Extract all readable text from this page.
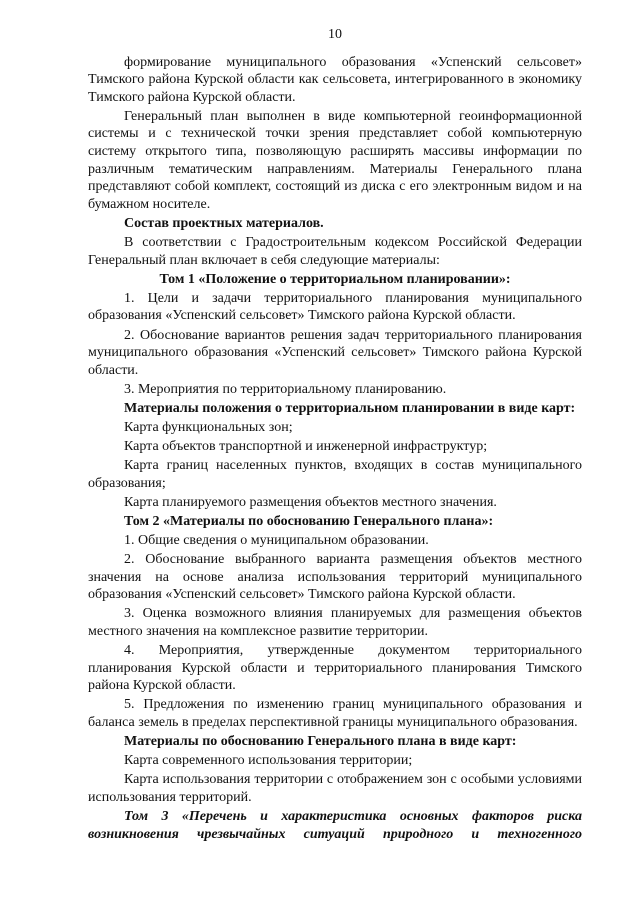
10

формирование муниципального образования «Успенский сельсовет» Тимского района Курской области как сельсовета, интегрированного в экономику Тимского района Курской области.

Генеральный план выполнен в виде компьютерной геоинформационной системы и с технической точки зрения представляет собой компьютерную систему открытого типа, позволяющую расширять массивы информации по различным тематическим направлениям. Материалы Генерального плана представляют собой комплект, состоящий из диска с его электронным видом и на бумажном носителе.

Состав проектных материалов.

В соответствии с Градостроительным кодексом Российской Федерации Генеральный план включает в себя следующие материалы:

Том 1 «Положение о территориальном планировании»:

1. Цели и задачи территориального планирования муниципального образования «Успенский сельсовет» Тимского района Курской области.

2. Обоснование вариантов решения задач территориального планирования муниципального образования «Успенский сельсовет» Тимского района Курской области.

3. Мероприятия по территориальному планированию.

Материалы положения о территориальном планировании в виде карт:

Карта функциональных зон;

Карта объектов транспортной и инженерной инфраструктур;

Карта границ населенных пунктов, входящих в состав муниципального образования;

Карта планируемого размещения объектов местного значения.

Том 2 «Материалы по обоснованию Генерального плана»:

1. Общие сведения о муниципальном образовании.

2. Обоснование выбранного варианта размещения объектов местного значения на основе анализа использования территорий муниципального образования «Успенский сельсовет» Тимского района Курской области.

3. Оценка возможного влияния планируемых для размещения объектов местного значения на комплексное развитие территории.

4. Мероприятия, утвержденные документом территориального планирования Курской области и территориального планирования Тимского района Курской области.

5. Предложения по изменению границ муниципального образования и баланса земель в пределах перспективной границы муниципального образования.

Материалы по обоснованию Генерального плана в виде карт:

Карта современного использования территории;

Карта использования территории с отображением зон с особыми условиями использования территорий.

Том 3 «Перечень и характеристика основных факторов риска возникновения чрезвычайных ситуаций природного и техногенного
